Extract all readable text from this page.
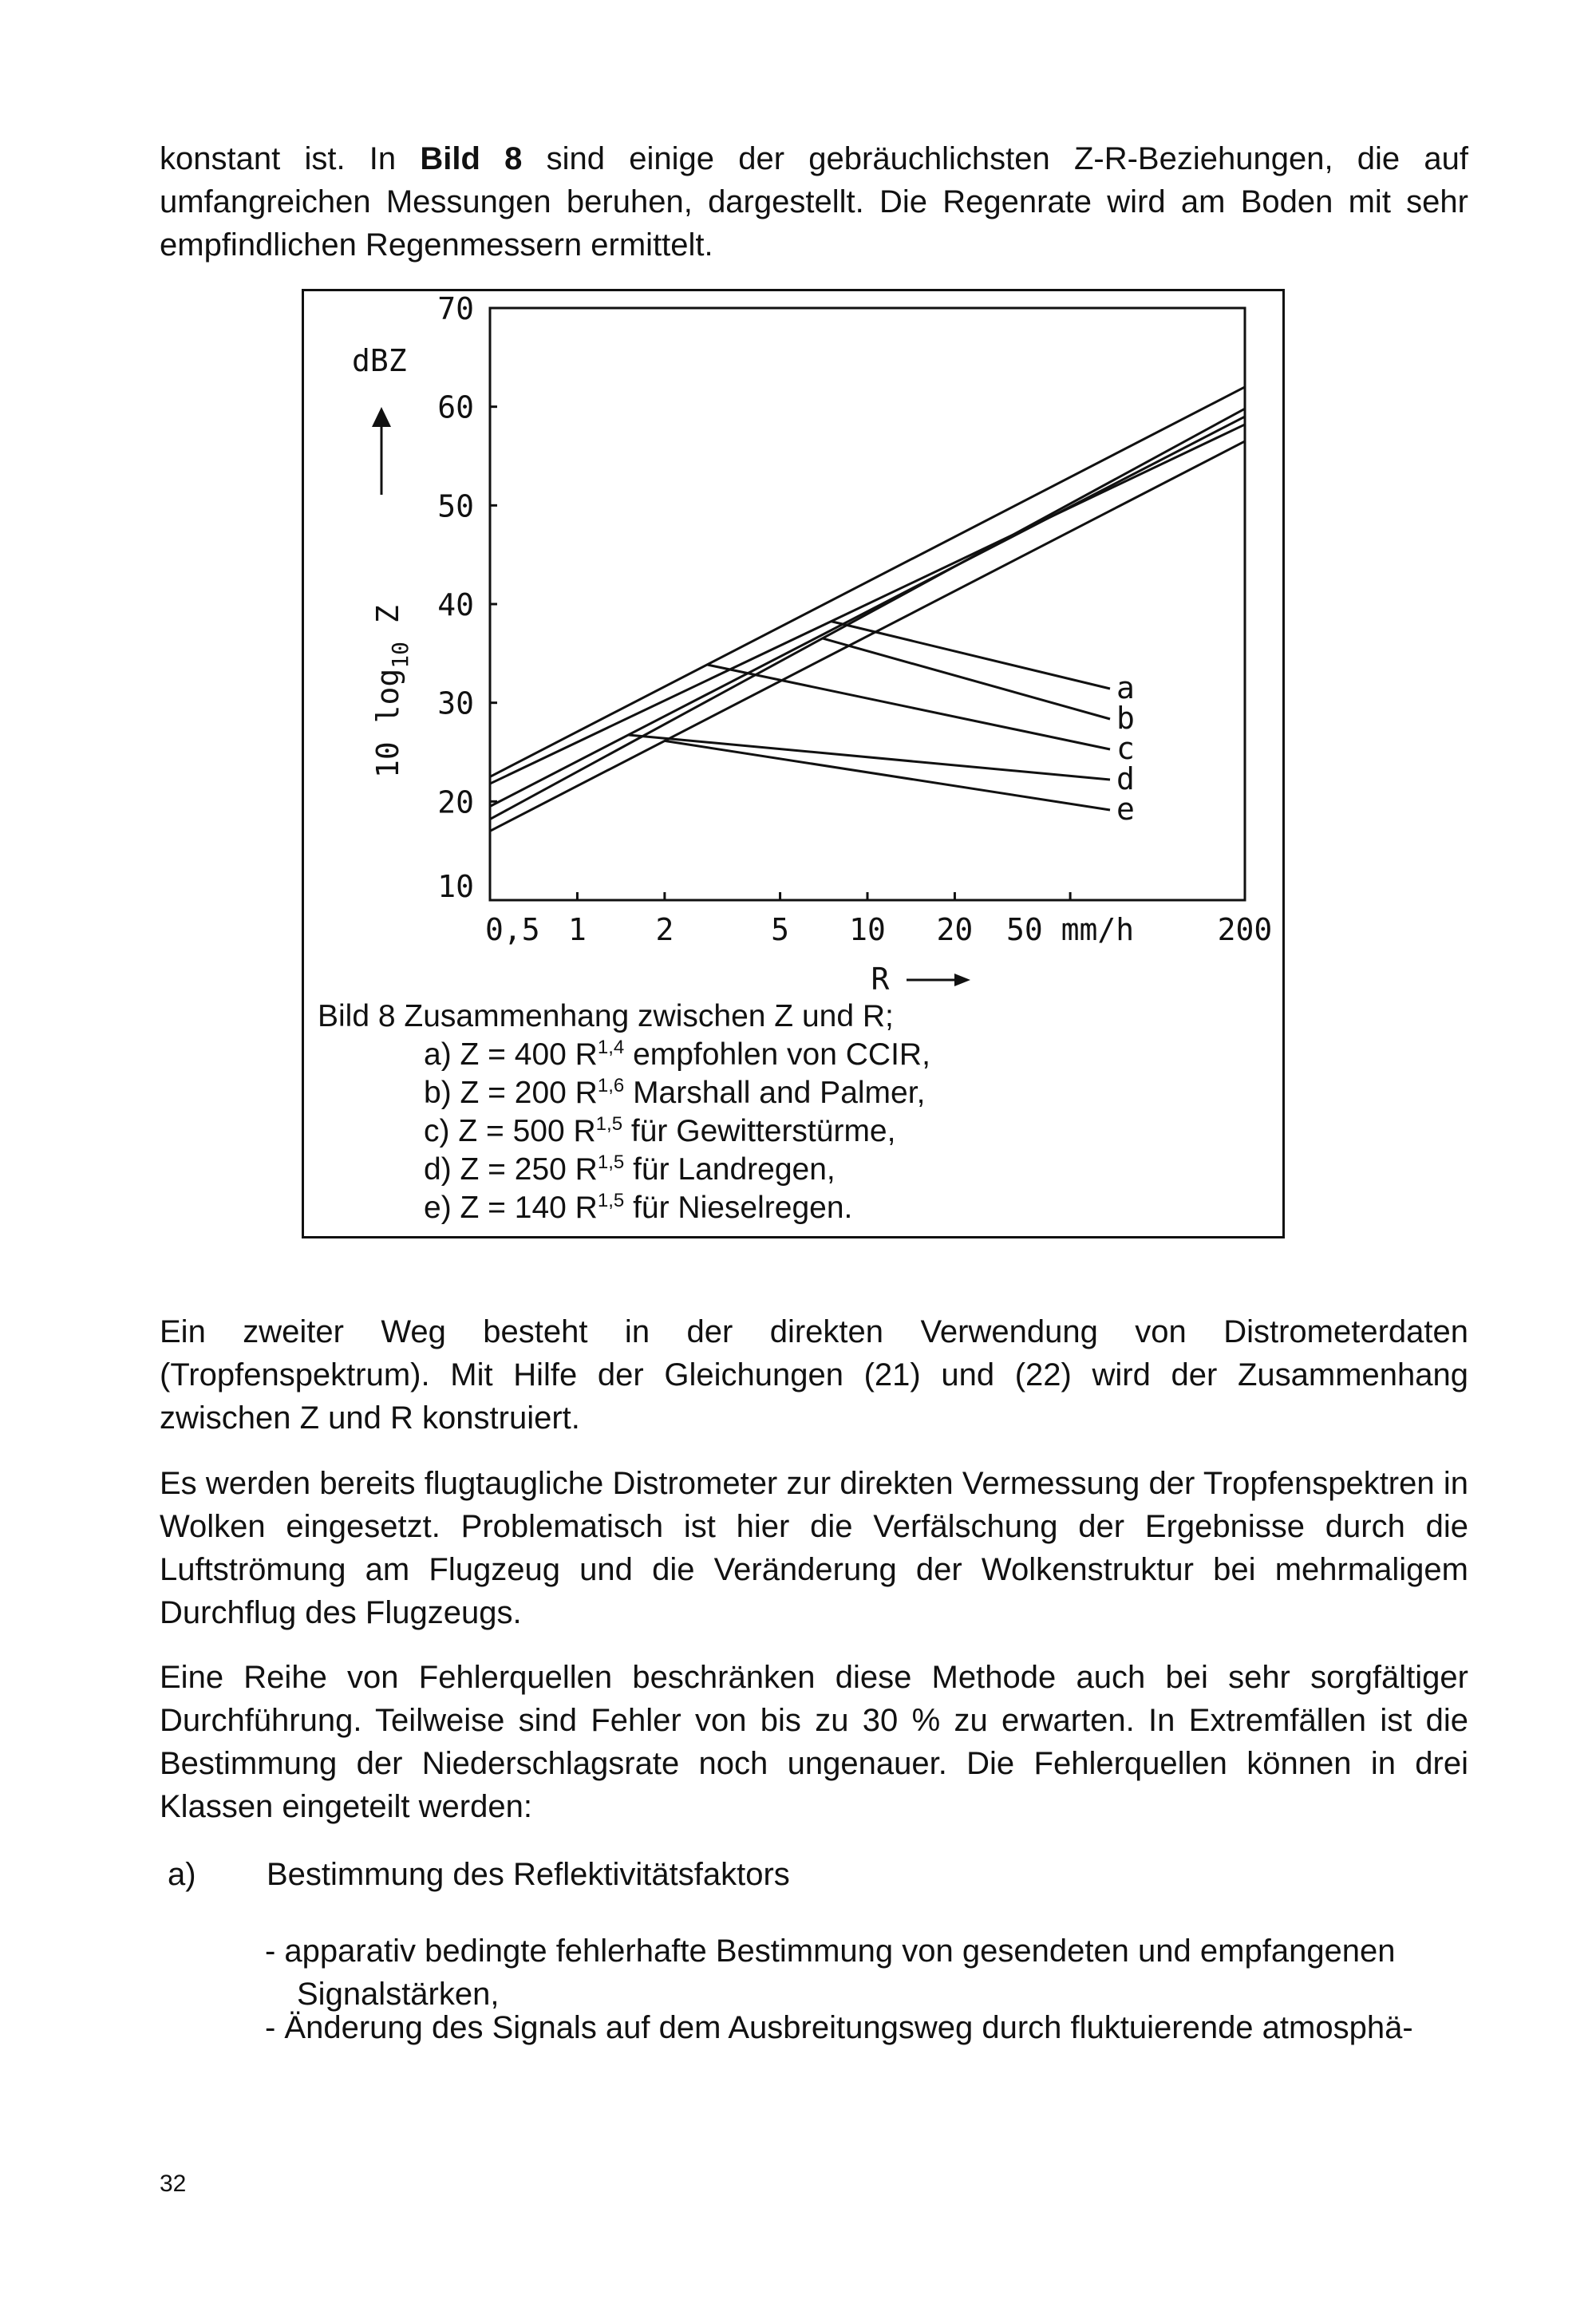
konstant ist. In Bild 8 sind einige der gebräuchlichsten Z-R-Beziehungen, die auf umfangreichen Messungen beruhen, dargestellt. Die Regenrate wird am Boden mit sehr empfindlichen Regenmessern ermittelt.

10
20
30
40
50
60
70
0,5 1 2	5 10 20 50 mm/h	200
R
dBZ
10 $\log_{10} Z$
a
b
c
d
e
Bild 8 Zusammenhang zwischen Z und R;
a) Z = 400 R$^{1,4}$ empfohlen von CCIR,
b) Z = 200 R$^{1,6}$ Marshall and Palmer,
c) Z = 500 R$^{1,5}$ für Gewitterstürme,
d) Z = 250 R$^{1,5}$ für Landregen,
e) Z = 140 R$^{1,5}$ für Nieselregen.

Ein zweiter Weg besteht in der direkten Verwendung von Distrometerdaten (Tropfenspektrum). Mit Hilfe der Gleichungen (21) und (22) wird der Zusammenhang zwischen Z und R konstruiert.

Es werden bereits flugtaugliche Distrometer zur direkten Vermessung der Tropfenspektren in Wolken eingesetzt. Problematisch ist hier die Verfälschung der Ergebnisse durch die Luftströmung am Flugzeug und die Veränderung der Wolkenstruktur bei mehrmaligem Durchflug des Flugzeugs.

Eine Reihe von Fehlerquellen beschränken diese Methode auch bei sehr sorgfältiger Durchführung. Teilweise sind Fehler von bis zu 30 % zu erwarten. In Extremfällen ist die Bestimmung der Niederschlagsrate noch ungenauer. Die Fehlerquellen können in drei Klassen eingeteilt werden:

a) Bestimmung des Reflektivitätsfaktors

- apparativ bedingte fehlerhafte Bestimmung von gesendeten und empfangenen Signalstärken,

- Änderung des Signals auf dem Ausbreitungsweg durch fluktuierende atmosphä-

32
